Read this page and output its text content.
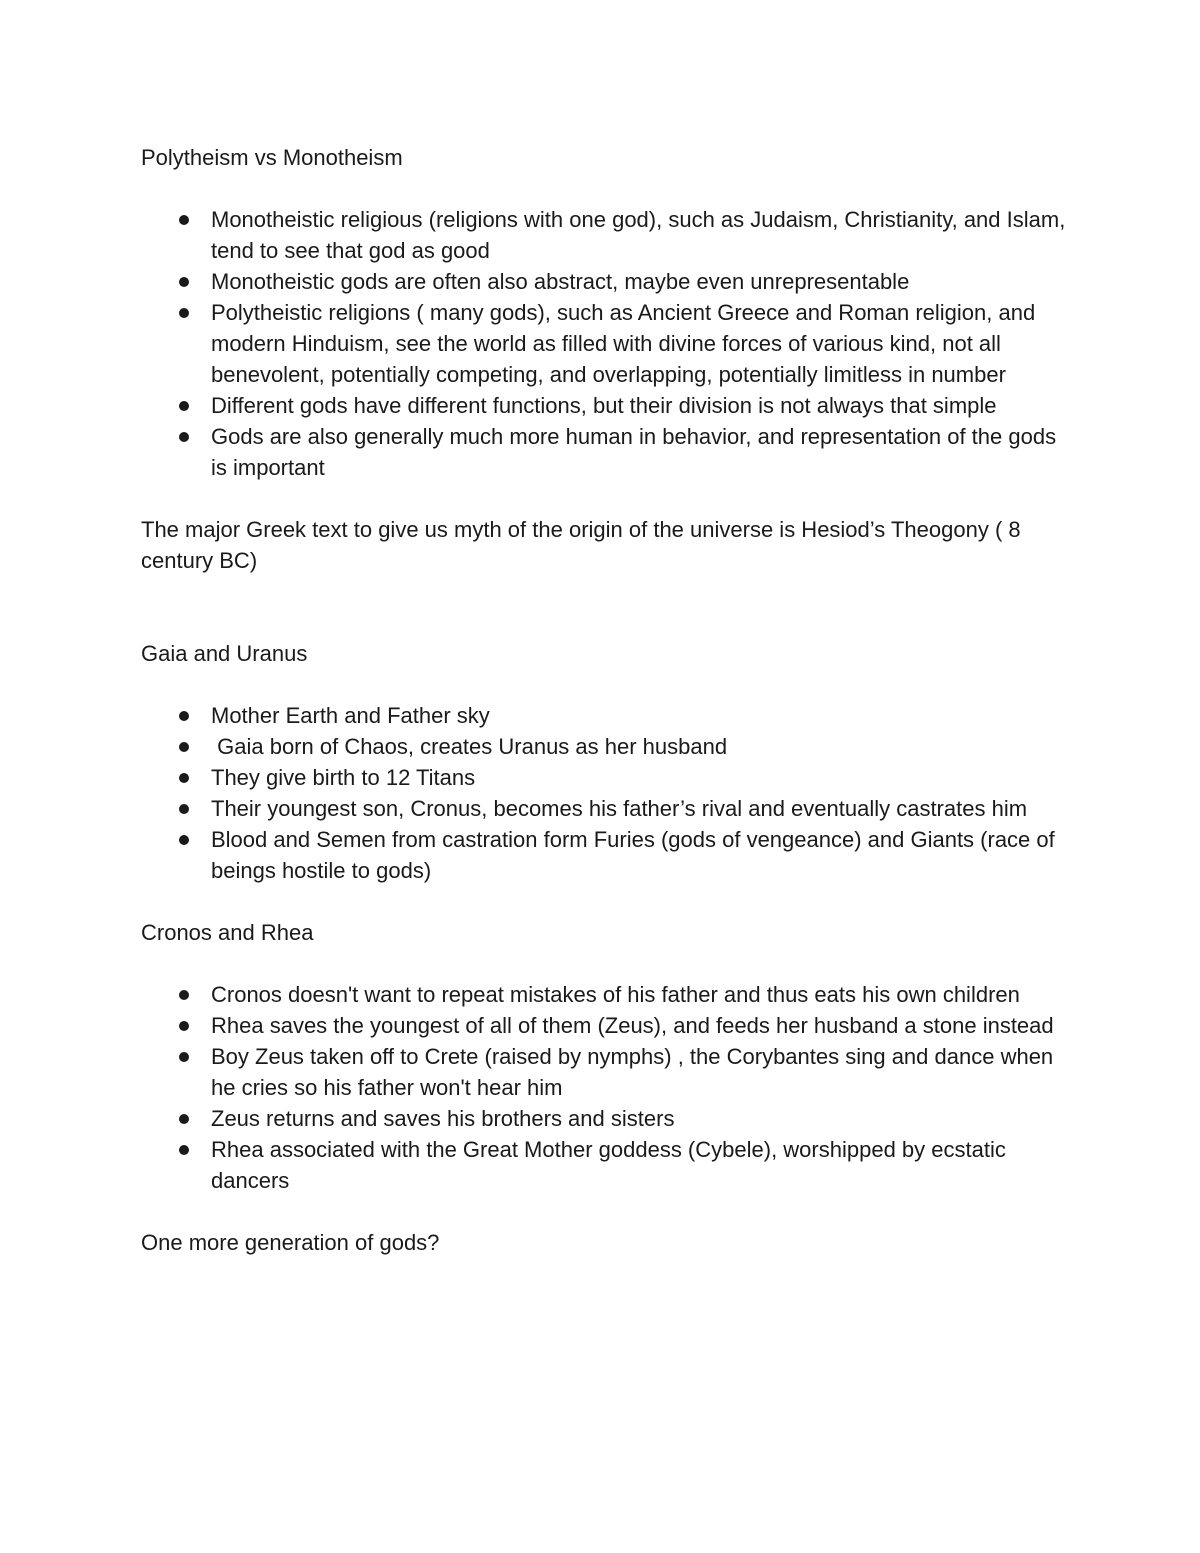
Polytheism vs Monotheism

Monotheistic religious (religions with one god), such as Judaism, Christianity, and Islam, tend to see that god as good
Monotheistic gods are often also abstract, maybe even unrepresentable
Polytheistic religions ( many gods), such as Ancient Greece and Roman religion, and modern Hinduism, see the world as filled with divine forces of various kind, not all benevolent, potentially competing, and overlapping, potentially limitless in number
Different gods have different functions, but their division is not always that simple
Gods are also generally much more human in behavior, and representation of the gods is important

The major Greek text to give us myth of the origin of the universe is Hesiod’s Theogony ( 8 century BC)

Gaia and Uranus

Mother Earth and Father sky
Gaia born of Chaos, creates Uranus as her husband
They give birth to 12 Titans
Their youngest son, Cronus, becomes his father’s rival and eventually castrates him
Blood and Semen from castration form Furies (gods of vengeance) and Giants (race of beings hostile to gods)

Cronos and Rhea

Cronos doesn't want to repeat mistakes of his father and thus eats his own children
Rhea saves the youngest of all of them (Zeus), and feeds her husband a stone instead
Boy Zeus taken off to Crete (raised by nymphs) , the Corybantes sing and dance when he cries so his father won't hear him
Zeus returns and saves his brothers and sisters
Rhea associated with the Great Mother goddess (Cybele), worshipped by ecstatic dancers

One more generation of gods?
